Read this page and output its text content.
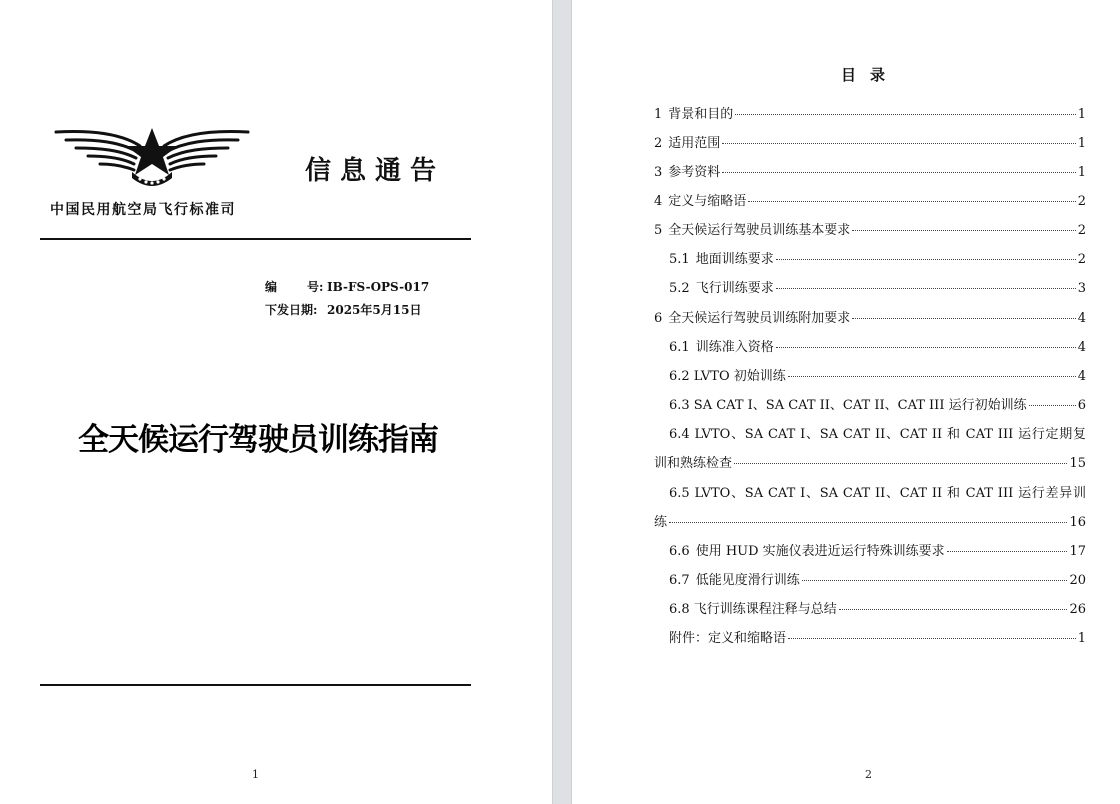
中国民用航空局飞行标准司
信息通告
编 号: IB-FS-OPS-017
下发日期: 2025年5月15日
全天候运行驾驶员训练指南
1
目录
1 背景和目的	1
2 适用范围	1
3 参考资料	1
4 定义与缩略语	2
5 全天候运行驾驶员训练基本要求	2
5.1 地面训练要求	2
5.2 飞行训练要求	3
6 全天候运行驾驶员训练附加要求	4
6.1 训练准入资格	4
6.2 LVTO 初始训练	4
6.3 SA CAT I、SA CAT II、CAT II、CAT III 运行初始训练	6
6.4 LVTO、SA CAT I、SA CAT II、CAT II 和 CAT III 运行定期复
训和熟练检查	15
6.5 LVTO、SA CAT I、SA CAT II、CAT II 和 CAT III 运行差异训
练	16
6.6 使用 HUD 实施仪表进近运行特殊训练要求	17
6.7 低能见度滑行训练	20
6.8 飞行训练课程注释与总结	26
附件：定义和缩略语	1
2
